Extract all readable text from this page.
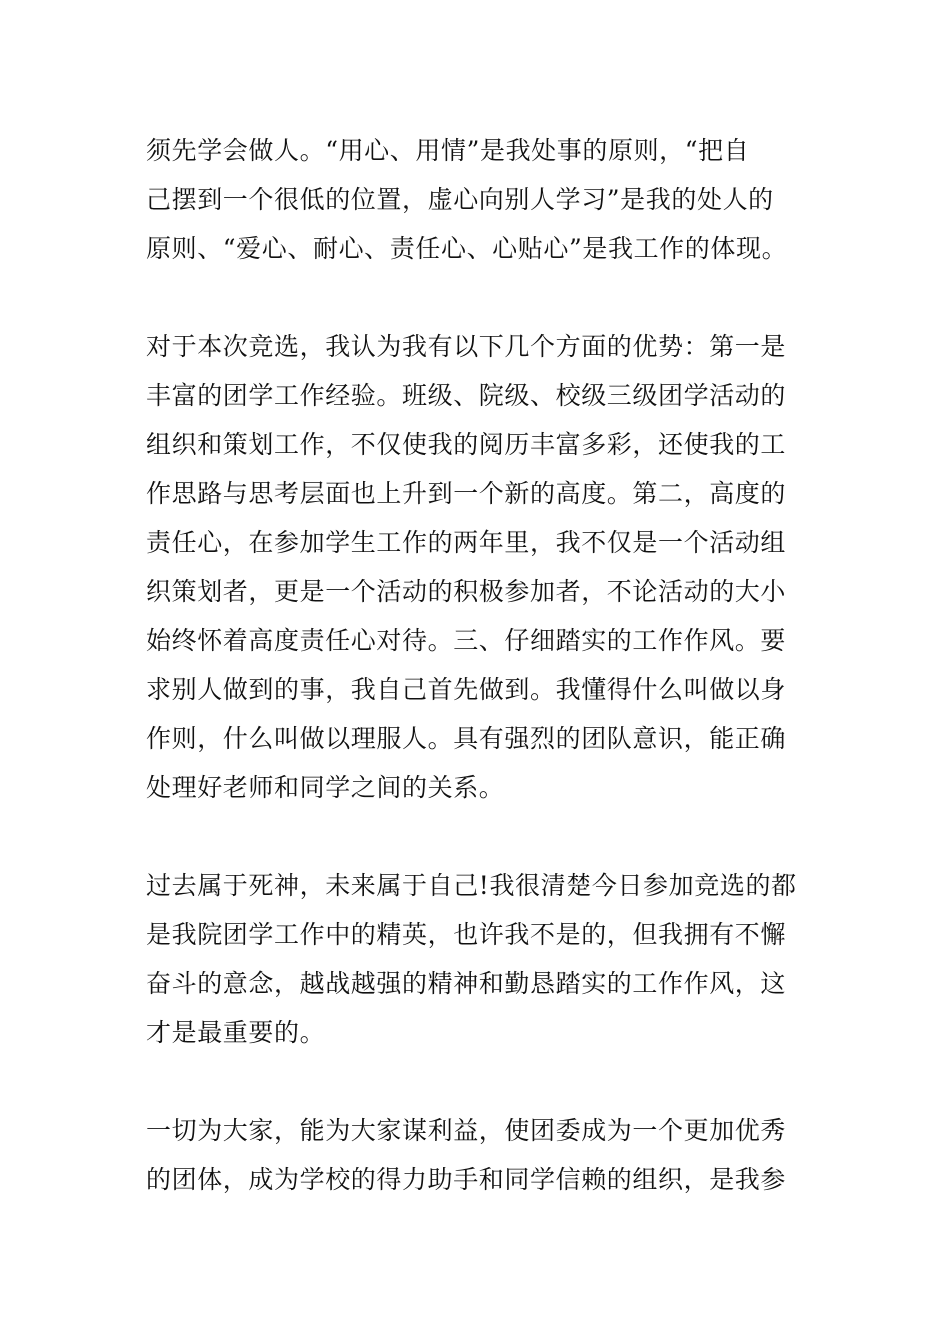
须先学会做人。“用心、用情”是我处事的原则，“把自
己摆到一个很低的位置，虚心向别人学习”是我的处人的
原则、“爱心、耐心、责任心、心贴心”是我工作的体现。
对于本次竞选，我认为我有以下几个方面的优势：第一是
丰富的团学工作经验。班级、院级、校级三级团学活动的
组织和策划工作，不仅使我的阅历丰富多彩，还使我的工
作思路与思考层面也上升到一个新的高度。第二，高度的
责任心，在参加学生工作的两年里，我不仅是一个活动组
织策划者，更是一个活动的积极参加者，不论活动的大小
始终怀着高度责任心对待。三、仔细踏实的工作作风。要
求别人做到的事，我自己首先做到。我懂得什么叫做以身
作则，什么叫做以理服人。具有强烈的团队意识，能正确
处理好老师和同学之间的关系。
过去属于死神，未来属于自己!我很清楚今日参加竞选的都
是我院团学工作中的精英，也许我不是的，但我拥有不懈
奋斗的意念，越战越强的精神和勤恳踏实的工作作风，这
才是最重要的。
一切为大家，能为大家谋利益，使团委成为一个更加优秀
的团体，成为学校的得力助手和同学信赖的组织，是我参
